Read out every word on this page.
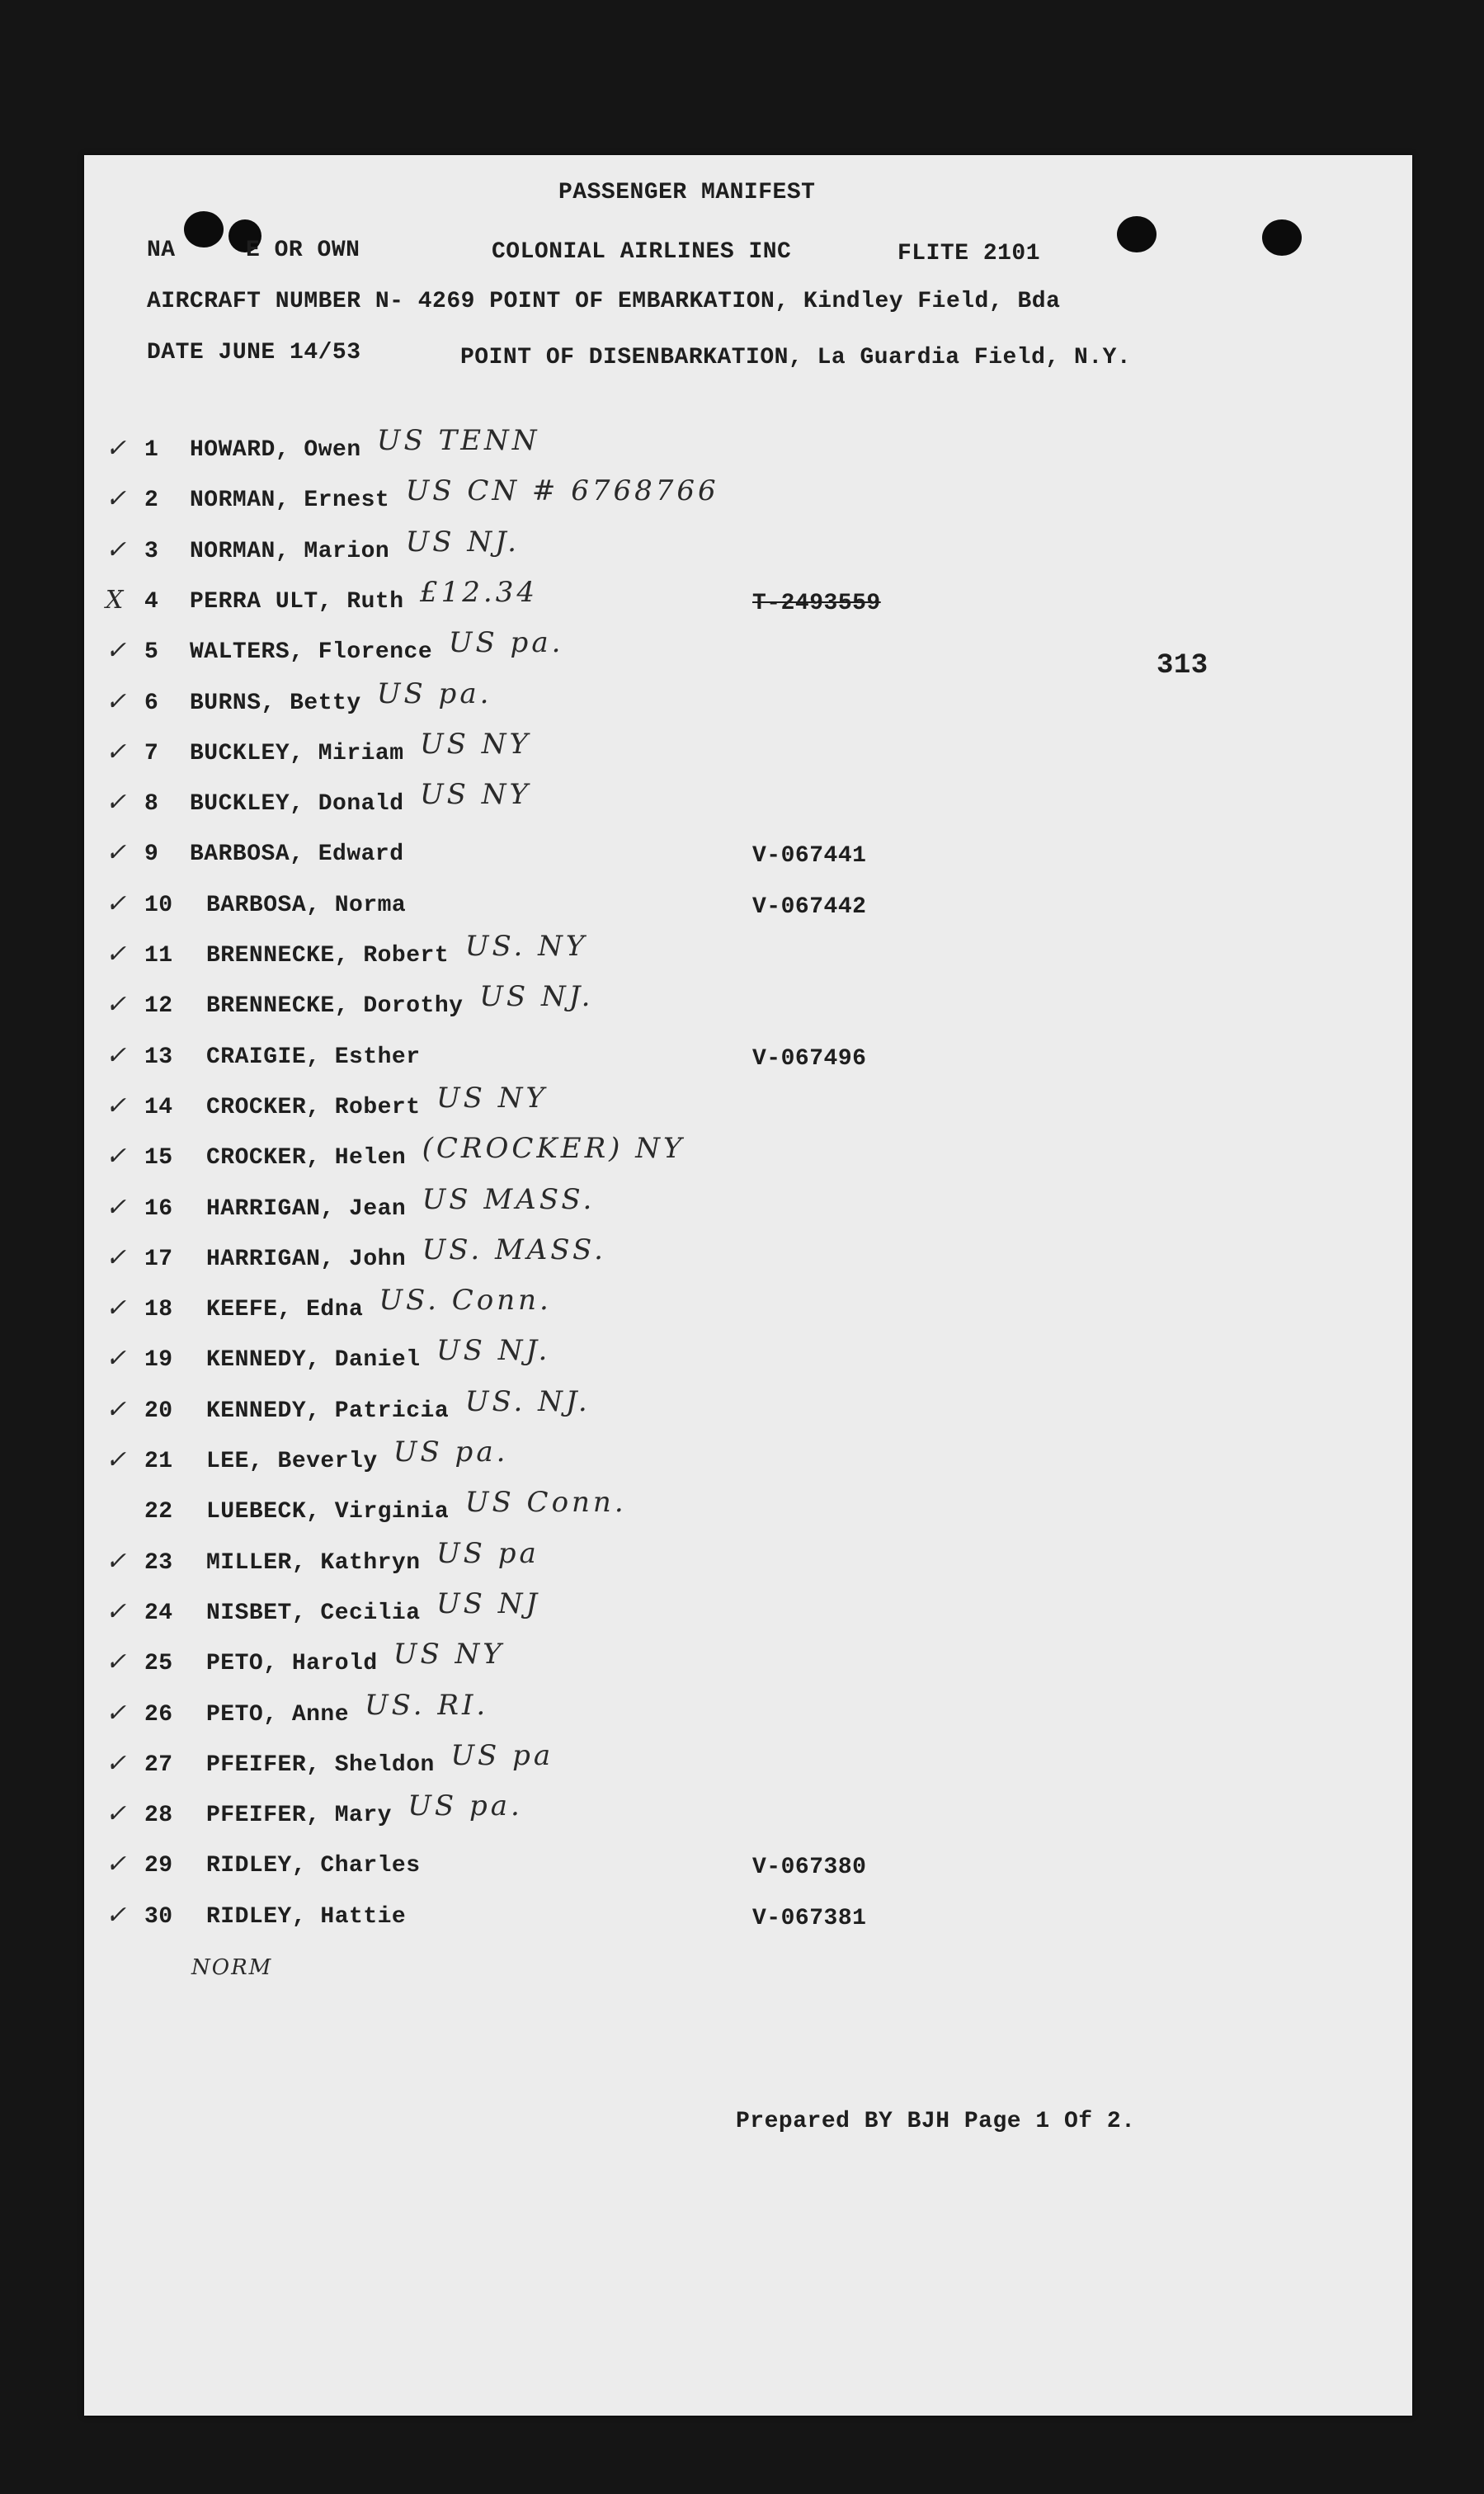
PASSENGER MANIFEST
NA	E OR OWN	COLONIAL AIRLINES INC	FLITE 2101
AIRCRAFT NUMBER N- 4269 POINT OF EMBARKATION, Kindley Field, Bda
DATE JUNE 14/53	POINT OF DISENBARKATION, La Guardia Field, N.Y.
313
✓ 1 HOWARD, Owen US TENN
✓ 2 NORMAN, Ernest US CN # 6768766
✓ 3 NORMAN, Marion US NJ.
X 4 PERRA ULT, Ruth £12.34	T-2493559
✓ 5 WALTERS, Florence US pa.
✓ 6 BURNS, Betty US pa.
✓ 7 BUCKLEY, Miriam US NY
✓ 8 BUCKLEY, Donald US NY
✓ 9 BARBOSA, Edward	V-067441
✓ 10 BARBOSA, Norma	V-067442
✓ 11 BRENNECKE, Robert US. NY
✓ 12 BRENNECKE, Dorothy US NJ.
✓ 13 CRAIGIE, Esther	V-067496
✓ 14 CROCKER, Robert US NY
✓ 15 CROCKER, Helen (CROCKER) NY
✓ 16 HARRIGAN, Jean US MASS.
✓ 17 HARRIGAN, John US. MASS.
✓ 18 KEEFE, Edna US. Conn.
✓ 19 KENNEDY, Daniel US NJ.
✓ 20 KENNEDY, Patricia US. NJ.
✓ 21 LEE, Beverly US pa.
22 LUEBECK, Virginia US Conn.
✓ 23 MILLER, Kathryn US pa
✓ 24 NISBET, Cecilia US NJ
✓ 25 PETO, Harold US NY
✓ 26 PETO, Anne US. RI.
✓ 27 PFEIFER, Sheldon US pa
✓ 28 PFEIFER, Mary US pa.
✓ 29 RIDLEY, Charles	V-067380
✓ 30 RIDLEY, Hattie	V-067381
NORM
Prepared BY BJH Page 1 Of 2.
